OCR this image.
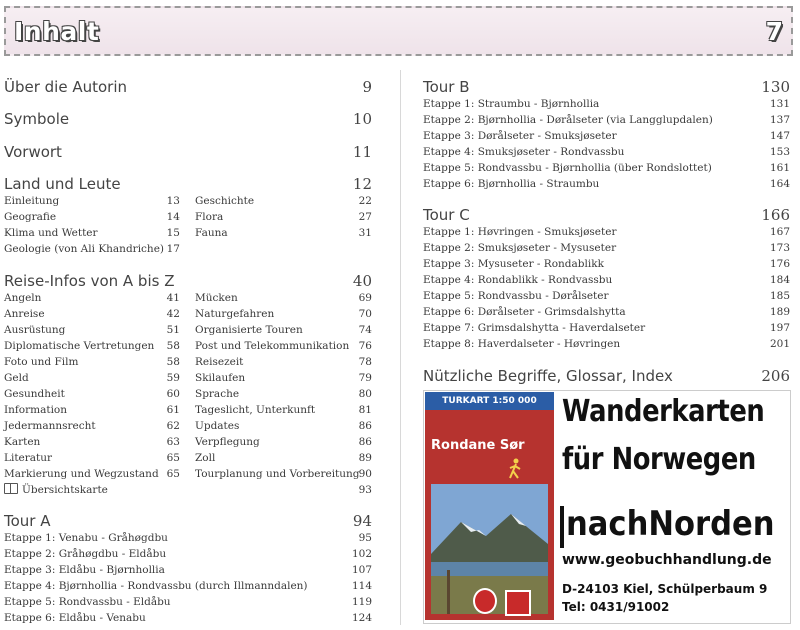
Inhalt	7
Über die Autorin	9
Symbole	10
Vorwort	11
Land und Leute	12
Einleitung	13
Geografie	14
Klima und Wetter	15
Geologie (von Ali Khandriche) 17
Geschichte	22
Flora	27
Fauna	31
Reise-Infos von A bis Z	40
Angeln	41
Anreise	42
Ausrüstung	51
Diplomatische Vertretungen 58
Foto und Film	58
Geld	59
Gesundheit	60
Information	61
Jedermannsrecht	62
Karten	63
Literatur	65
Markierung und Wegzustand 65
Mücken	69
Naturgefahren	70
Organisierte Touren	74
Post und Telekommunikation 76
Reisezeit	78
Skilaufen	79
Sprache	80
Tageslicht, Unterkunft	81
Updates	86
Verpflegung	86
Zoll	89
Tourplanung und Vorbereitung 90
Übersichtskarte	93
Tour A	94
Etappe 1: Venabu - Gråhøgdbu	95
Etappe 2: Gråhøgdbu - Eldåbu	102
Etappe 3: Eldåbu - Bjørnhollia	107
Etappe 4: Bjørnhollia - Rondvassbu (durch Illmanndalen)	114
Etappe 5: Rondvassbu - Eldåbu	119
Etappe 6: Eldåbu - Venabu	124
Tour B	130
Etappe 1: Straumbu - Bjørnhollia	131
Etappe 2: Bjørnhollia - Dørålseter (via Langglupdalen)	137
Etappe 3: Dørålseter - Smuksjøseter	147
Etappe 4: Smuksjøseter - Rondvassbu	153
Etappe 5: Rondvassbu - Bjørnhollia (über Rondslottet)	161
Etappe 6: Bjørnhollia - Straumbu	164
Tour C	166
Etappe 1: Høvringen - Smuksjøseter	167
Etappe 2: Smuksjøseter - Mysuseter	173
Etappe 3: Mysuseter - Rondablikk	176
Etappe 4: Rondablikk - Rondvassbu	184
Etappe 5: Rondvassbu - Dørålseter	185
Etappe 6: Dørålseter - Grimsdalshytta	189
Etappe 7: Grimsdalshytta - Haverdalseter	197
Etappe 8: Haverdalseter - Høvringen	201
Nützliche Begriffe, Glossar, Index	206
TURKART 1:50 000
Rondane Sør
Wanderkarten
für Norwegen
nachNorden
www.geobuchhandlung.de
D-24103 Kiel, Schülperbaum 9
Tel: 0431/91002
